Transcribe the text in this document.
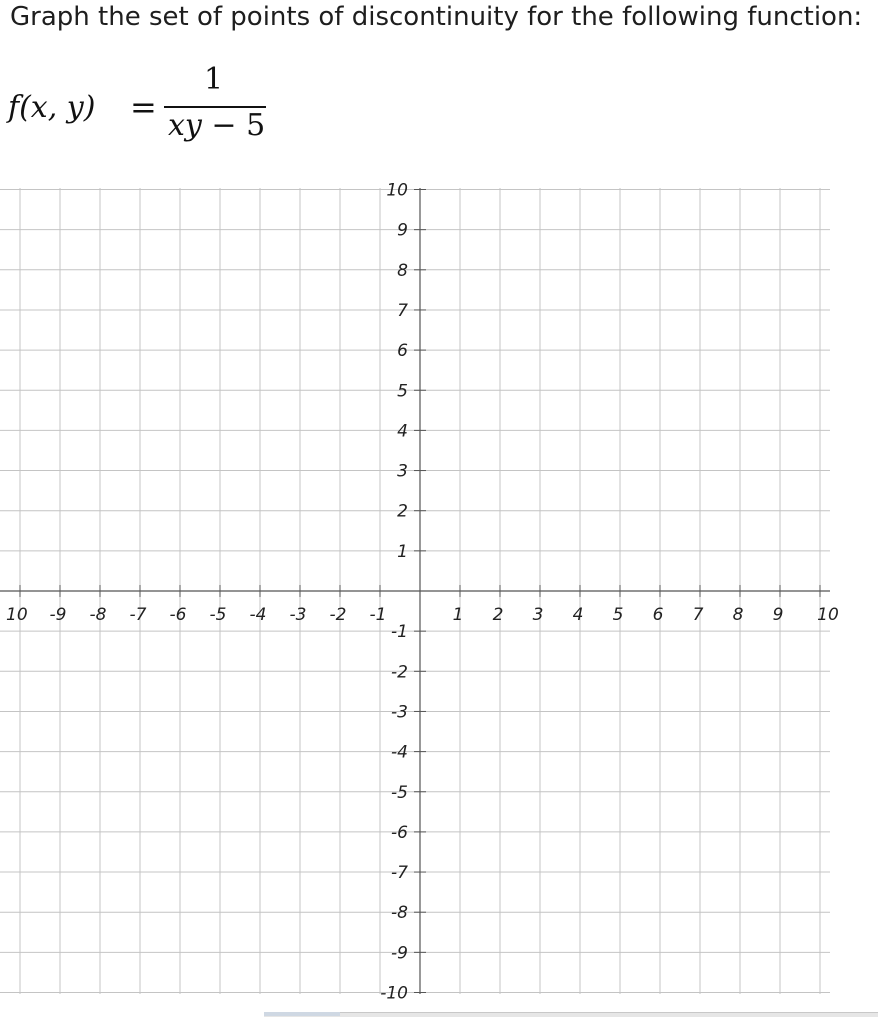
Graph the set of points of discontinuity for the following function:
f(x, y) =
1
xy − 5
10 -9 -8 -7 -6 -5 -4 -3 -2 -1	1 2 3 4 5 6 7 8 9 10
10
9
8
7
6
5
4
3
2
1
-1
-2
-3
-4
-5
-6
-7
-8
-9
-10
